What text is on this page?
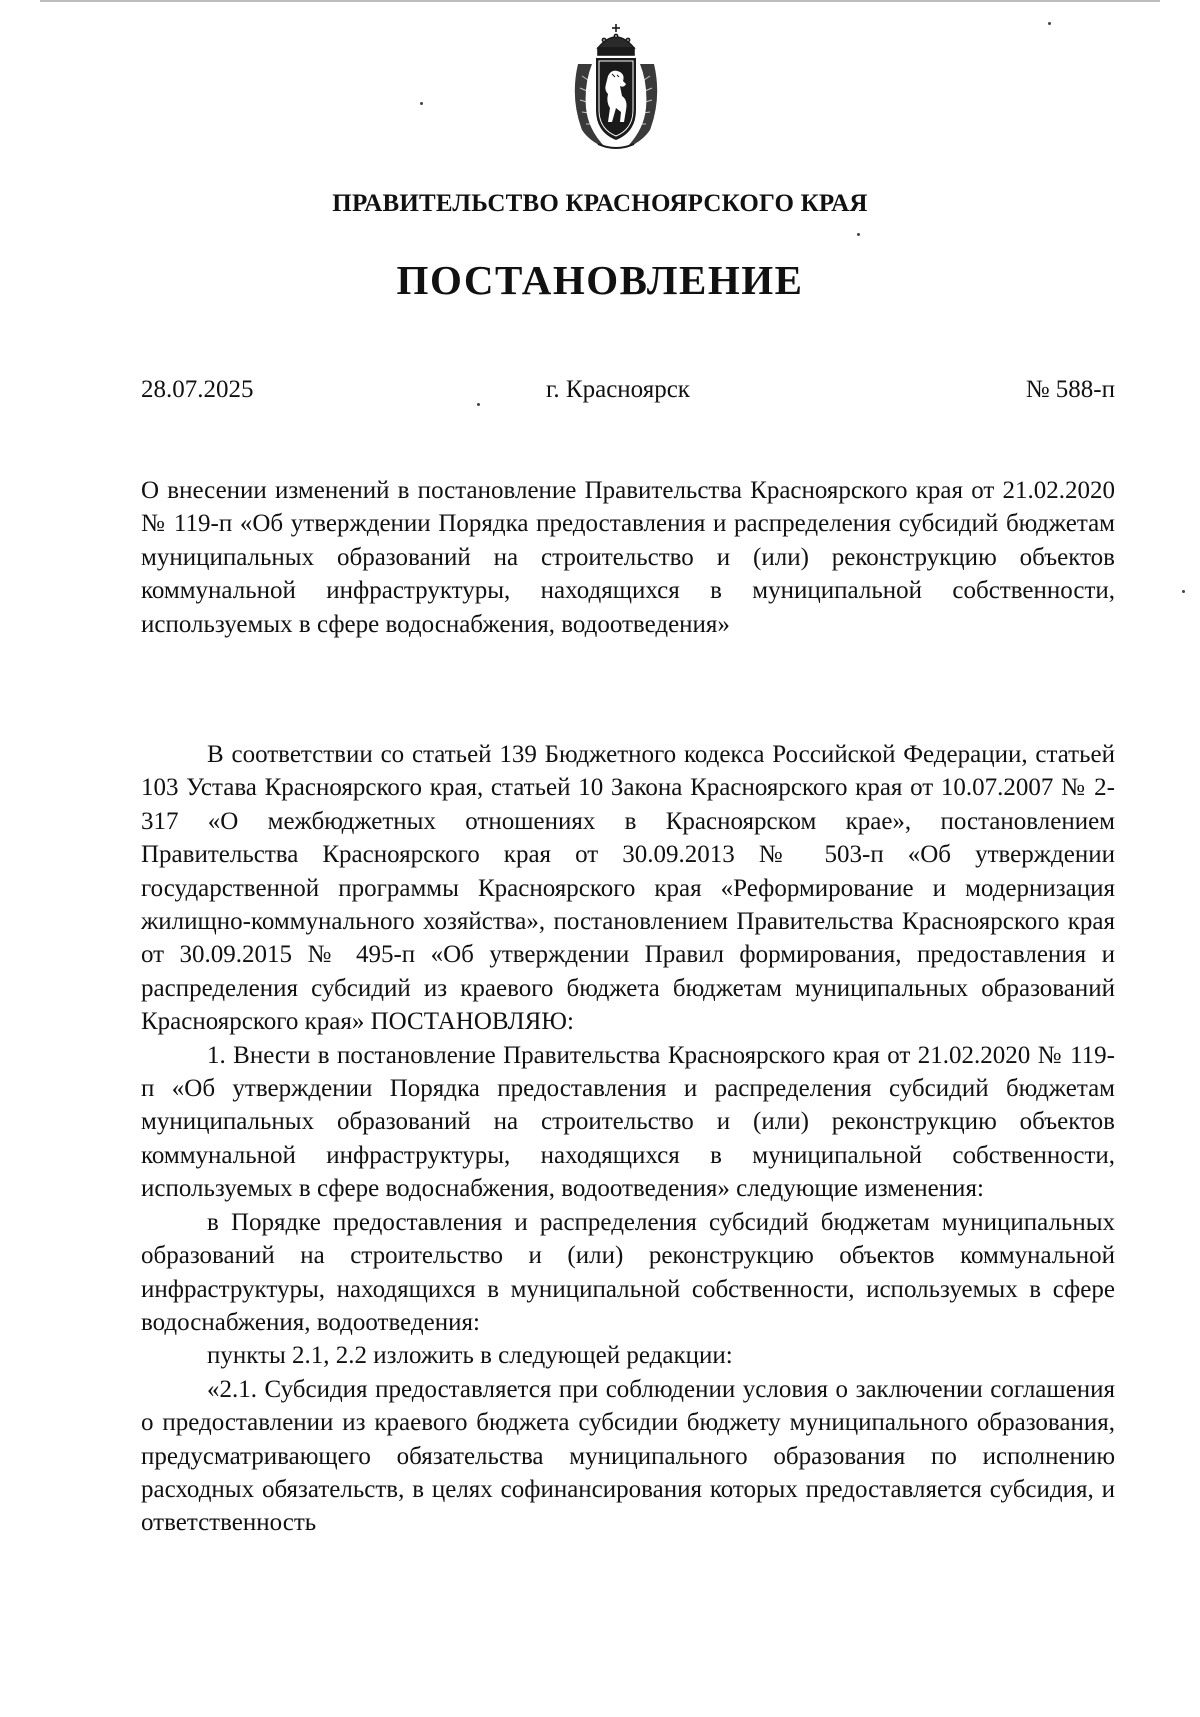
ПРАВИТЕЛЬСТВО КРАСНОЯРСКОГО КРАЯ
ПОСТАНОВЛЕНИЕ
28.07.2025	г. Красноярск	№ 588-п
О внесении изменений в постановление Правительства Красноярского края от 21.02.2020 № 119-п «Об утверждении Порядка предоставления и распределения субсидий бюджетам муниципальных образований на строительство и (или) реконструкцию объектов коммунальной инфраструктуры, находящихся в муниципальной собственности, используемых в сфере водоснабжения, водоотведения»

В соответствии со статьей 139 Бюджетного кодекса Российской Федерации, статьей 103 Устава Красноярского края, статьей 10 Закона Красноярского края от 10.07.2007 № 2-317 «О межбюджетных отношениях в Красноярском крае», постановлением Правительства Красноярского края от 30.09.2013 № 503-п «Об утверждении государственной программы Красноярского края «Реформирование и модернизация жилищно-коммунального хозяйства», постановлением Правительства Красноярского края от 30.09.2015 № 495-п «Об утверждении Правил формирования, предоставления и распределения субсидий из краевого бюджета бюджетам муниципальных образований Красноярского края» ПОСТАНОВЛЯЮ:

1. Внести в постановление Правительства Красноярского края от 21.02.2020 № 119-п «Об утверждении Порядка предоставления и распределения субсидий бюджетам муниципальных образований на строительство и (или) реконструкцию объектов коммунальной инфраструктуры, находящихся в муниципальной собственности, используемых в сфере водоснабжения, водоотведения» следующие изменения:

в Порядке предоставления и распределения субсидий бюджетам муниципальных образований на строительство и (или) реконструкцию объектов коммунальной инфраструктуры, находящихся в муниципальной собственности, используемых в сфере водоснабжения, водоотведения:

пункты 2.1, 2.2 изложить в следующей редакции:

«2.1. Субсидия предоставляется при соблюдении условия о заключении соглашения о предоставлении из краевого бюджета субсидии бюджету муниципального образования, предусматривающего обязательства муниципального образования по исполнению расходных обязательств, в целях софинансирования которых предоставляется субсидия, и ответственность
